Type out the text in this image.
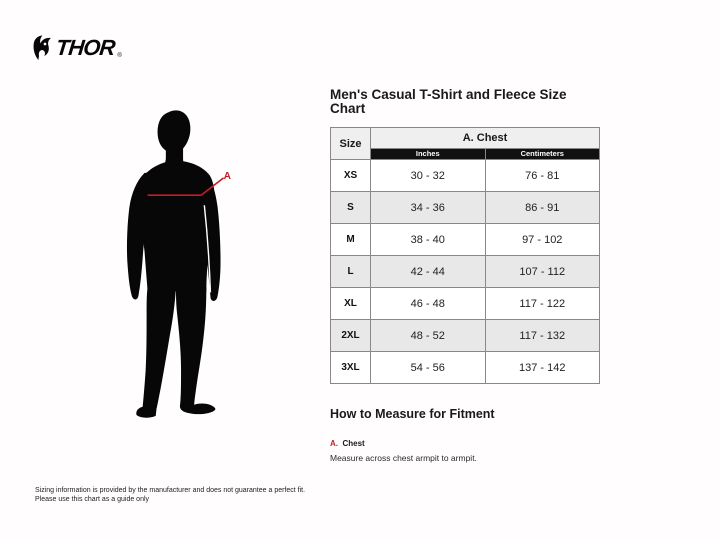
THOR ®
A
Men's Casual T-Shirt and Fleece Size Chart
Size	A. Chest	
	Inches	Centimeters
XS	30 - 32	76 - 81
S	34 - 36	86 - 91
M	38 - 40	97 - 102
L	42 - 44	107 - 112
XL	46 - 48	117 - 122
2XL	48 - 52	117 - 132
3XL	54 - 56	137 - 142
How to Measure for Fitment
A. Chest
Measure across chest armpit to armpit.
Sizing information is provided by the manufacturer and does not guarantee a perfect fit.
Please use this chart as a guide only
